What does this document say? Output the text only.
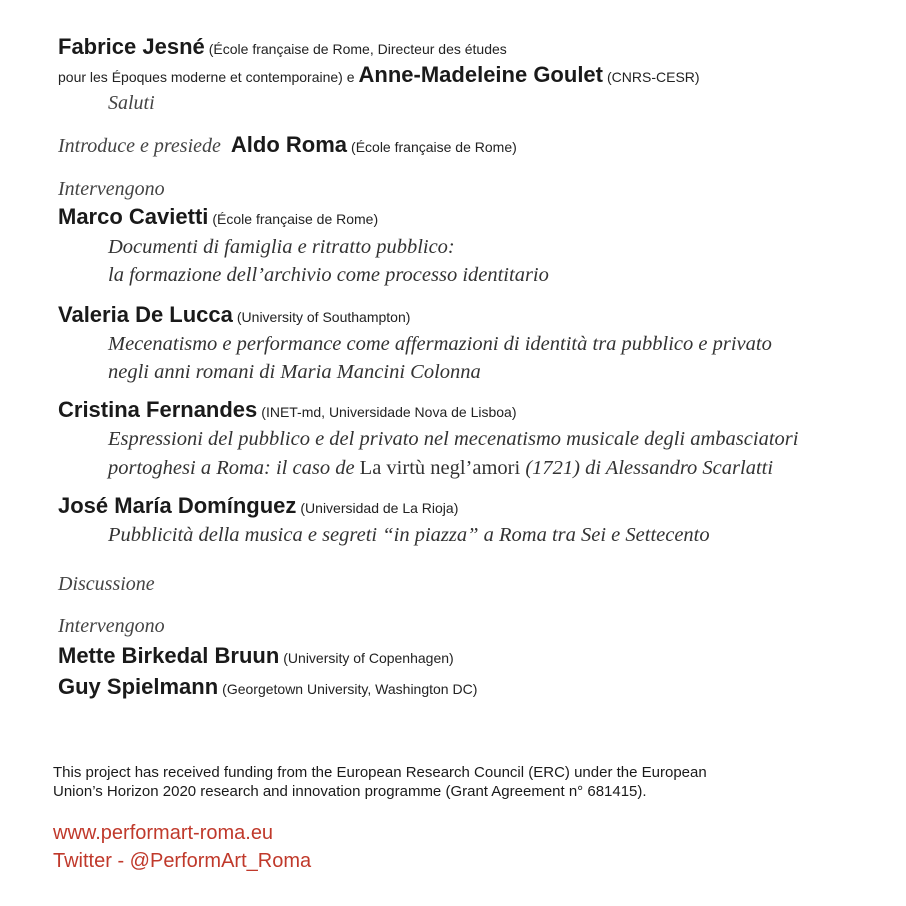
Fabrice Jesné (École française de Rome, Directeur des études
pour les Époques moderne et contemporaine) e Anne-Madeleine Goulet (CNRS-CESR)
Saluti
Introduce e presiede Aldo Roma (École française de Rome)
Intervengono
Marco Cavietti (École française de Rome)
Documenti di famiglia e ritratto pubblico:
la formazione dell’archivio come processo identitario
Valeria De Lucca (University of Southampton)
Mecenatismo e performance come affermazioni di identità tra pubblico e privato
negli anni romani di Maria Mancini Colonna
Cristina Fernandes (INET-md, Universidade Nova de Lisboa)
Espressioni del pubblico e del privato nel mecenatismo musicale degli ambasciatori
portoghesi a Roma: il caso de La virtù negl’amori (1721) di Alessandro Scarlatti
José María Domínguez (Universidad de La Rioja)
Pubblicità della musica e segreti “in piazza” a Roma tra Sei e Settecento
Discussione
Intervengono
Mette Birkedal Bruun (University of Copenhagen)
Guy Spielmann (Georgetown University, Washington DC)
This project has received funding from the European Research Council (ERC) under the European
Union’s Horizon 2020 research and innovation programme (Grant Agreement n° 681415).
www.performart-roma.eu
Twitter - @PerformArt_Roma
